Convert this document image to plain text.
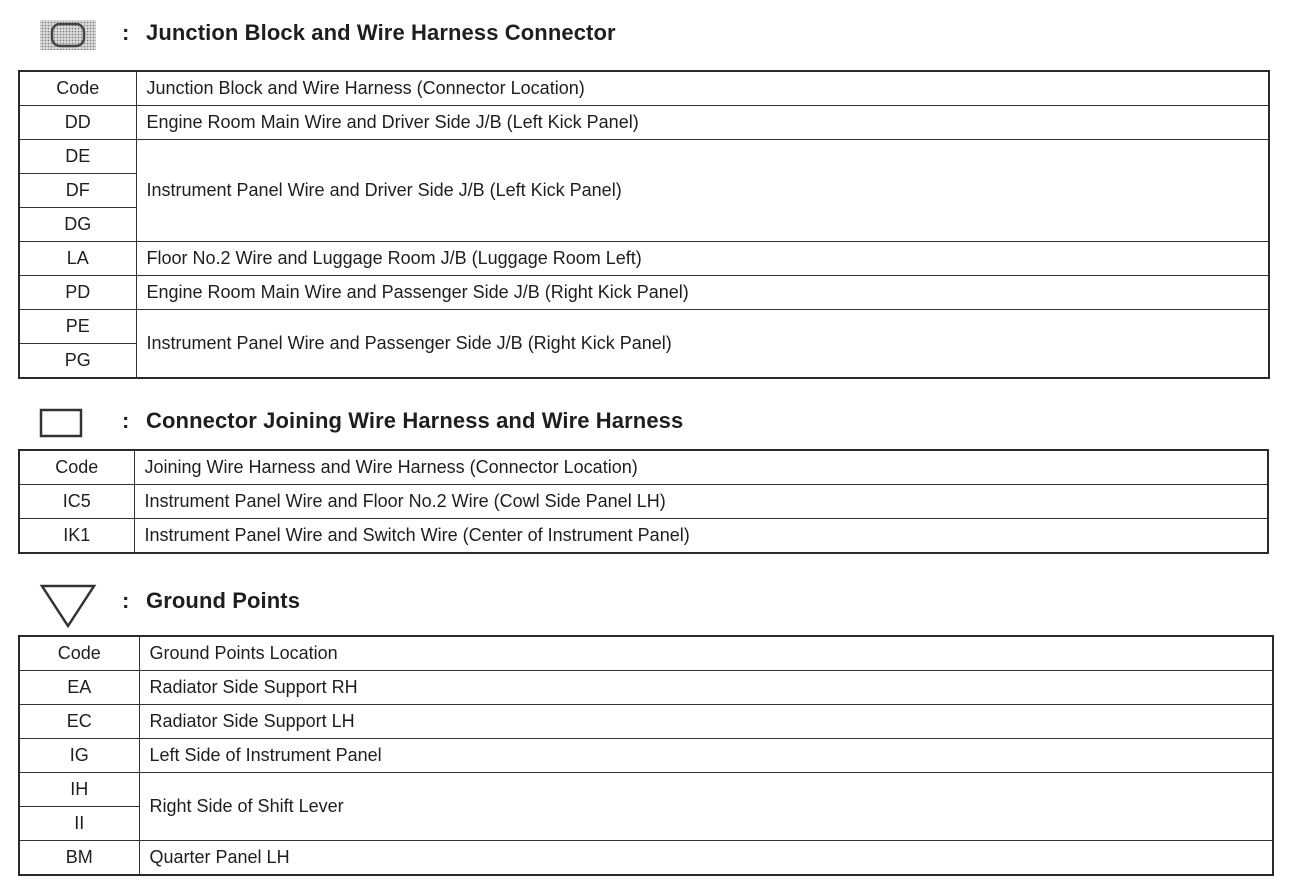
: Junction Block and Wire Harness Connector
Code	Junction Block and Wire Harness (Connector Location)
DD	Engine Room Main Wire and Driver Side J/B (Left Kick Panel)
DE	Instrument Panel Wire and Driver Side J/B (Left Kick Panel)
DF	
DG	
LA	Floor No.2 Wire and Luggage Room J/B (Luggage Room Left)
PD	Engine Room Main Wire and Passenger Side J/B (Right Kick Panel)
PE	Instrument Panel Wire and Passenger Side J/B (Right Kick Panel)
PG	
: Connector Joining Wire Harness and Wire Harness
Code	Joining Wire Harness and Wire Harness (Connector Location)
IC5	Instrument Panel Wire and Floor No.2 Wire (Cowl Side Panel LH)
IK1	Instrument Panel Wire and Switch Wire (Center of Instrument Panel)
: Ground Points
Code	Ground Points Location
EA	Radiator Side Support RH
EC	Radiator Side Support LH
IG	Left Side of Instrument Panel
IH	Right Side of Shift Lever
II	
BM	Quarter Panel LH
